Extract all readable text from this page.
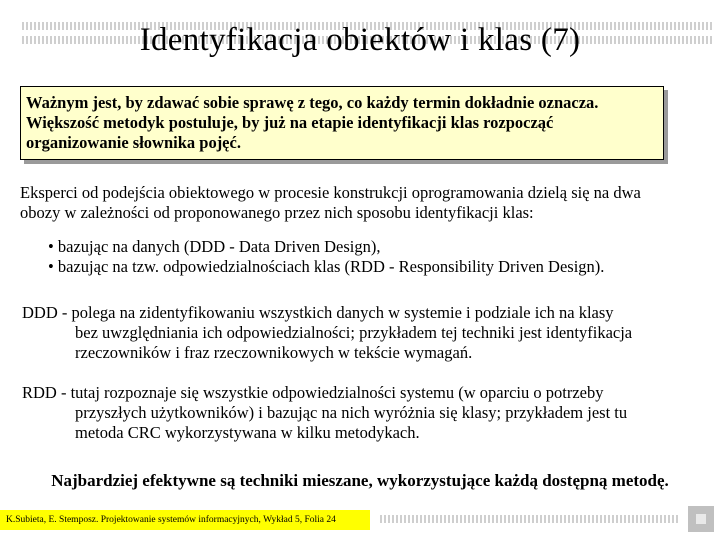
Identyfikacja obiektów i klas (7)
Ważnym jest, by zdawać sobie sprawę z tego, co każdy termin dokładnie oznacza.
Większość metodyk postuluje, by już na etapie identyfikacji klas rozpocząć
organizowanie słownika pojęć.
Eksperci od podejścia obiektowego w procesie konstrukcji oprogramowania dzielą się na dwa
obozy w zależności od proponowanego przez nich sposobu identyfikacji klas:
• bazując na danych (DDD - Data Driven Design),
• bazując na tzw. odpowiedzialnościach klas (RDD - Responsibility Driven Design).
DDD - polega na zidentyfikowaniu wszystkich danych w systemie i podziale ich na klasy
bez uwzględniania ich odpowiedzialności; przykładem tej techniki jest identyfikacja
rzeczowników i fraz rzeczownikowych w tekście wymagań.
RDD - tutaj rozpoznaje się wszystkie odpowiedzialności systemu (w oparciu o potrzeby
przyszłych użytkowników) i bazując na nich wyróżnia się klasy; przykładem jest tu
metoda CRC wykorzystywana w kilku metodykach.
Najbardziej efektywne są techniki mieszane, wykorzystujące każdą dostępną metodę.
K.Subieta, E. Stemposz. Projektowanie systemów informacyjnych, Wykład 5, Folia 24
